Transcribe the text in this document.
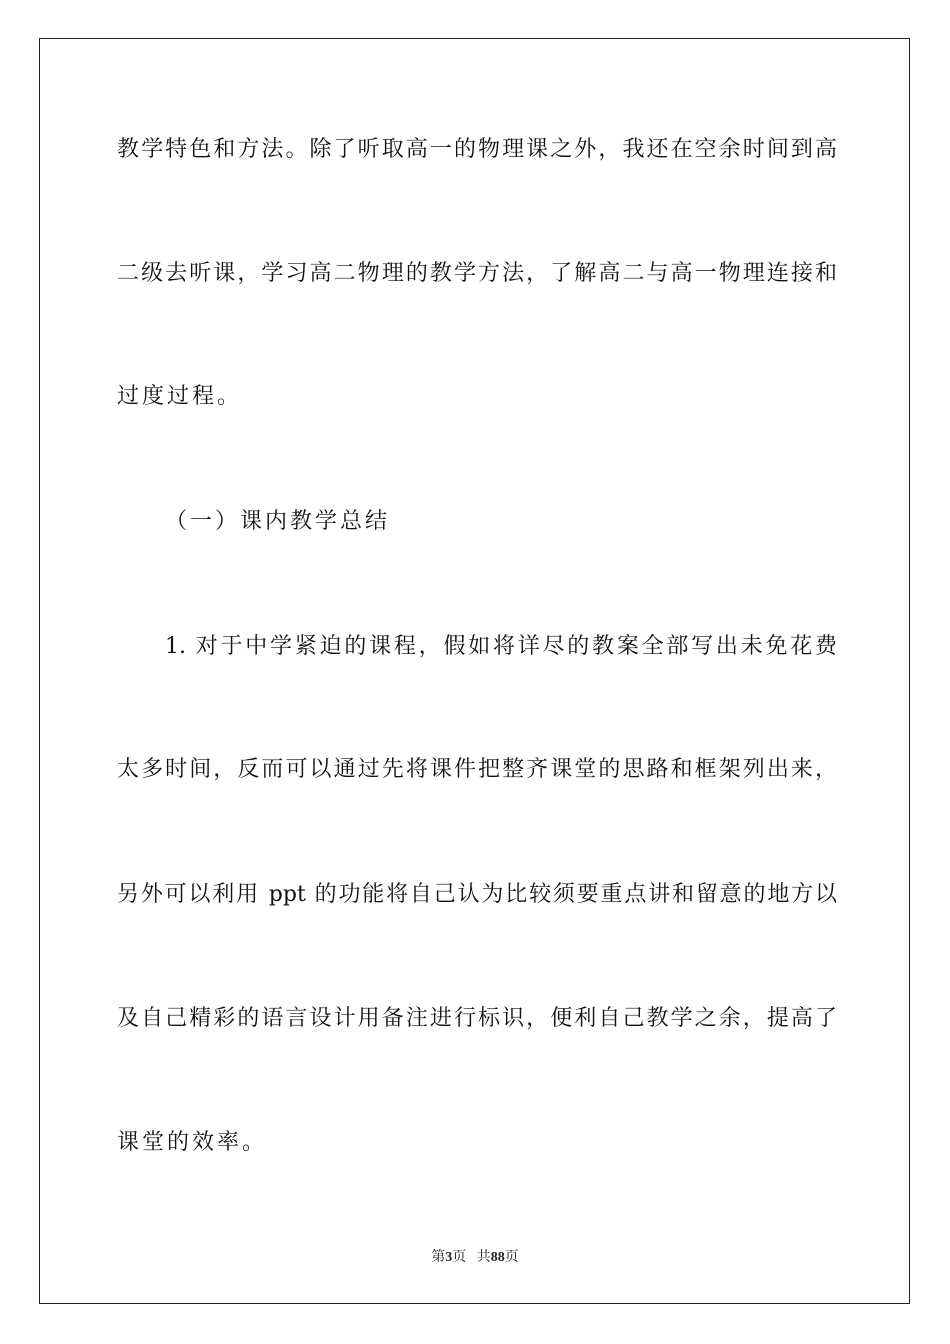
教学特色和方法。除了听取高一的物理课之外，我还在空余时间到高
二级去听课，学习高二物理的教学方法，了解高二与高一物理连接和
过度过程。
（一）课内教学总结
1. 对于中学紧迫的课程，假如将详尽的教案全部写出未免花费
太多时间，反而可以通过先将课件把整齐课堂的思路和框架列出来，
另外可以利用 ppt 的功能将自己认为比较须要重点讲和留意的地方以
及自己精彩的语言设计用备注进行标识，便利自己教学之余，提高了
课堂的效率。
第3页 共88页
